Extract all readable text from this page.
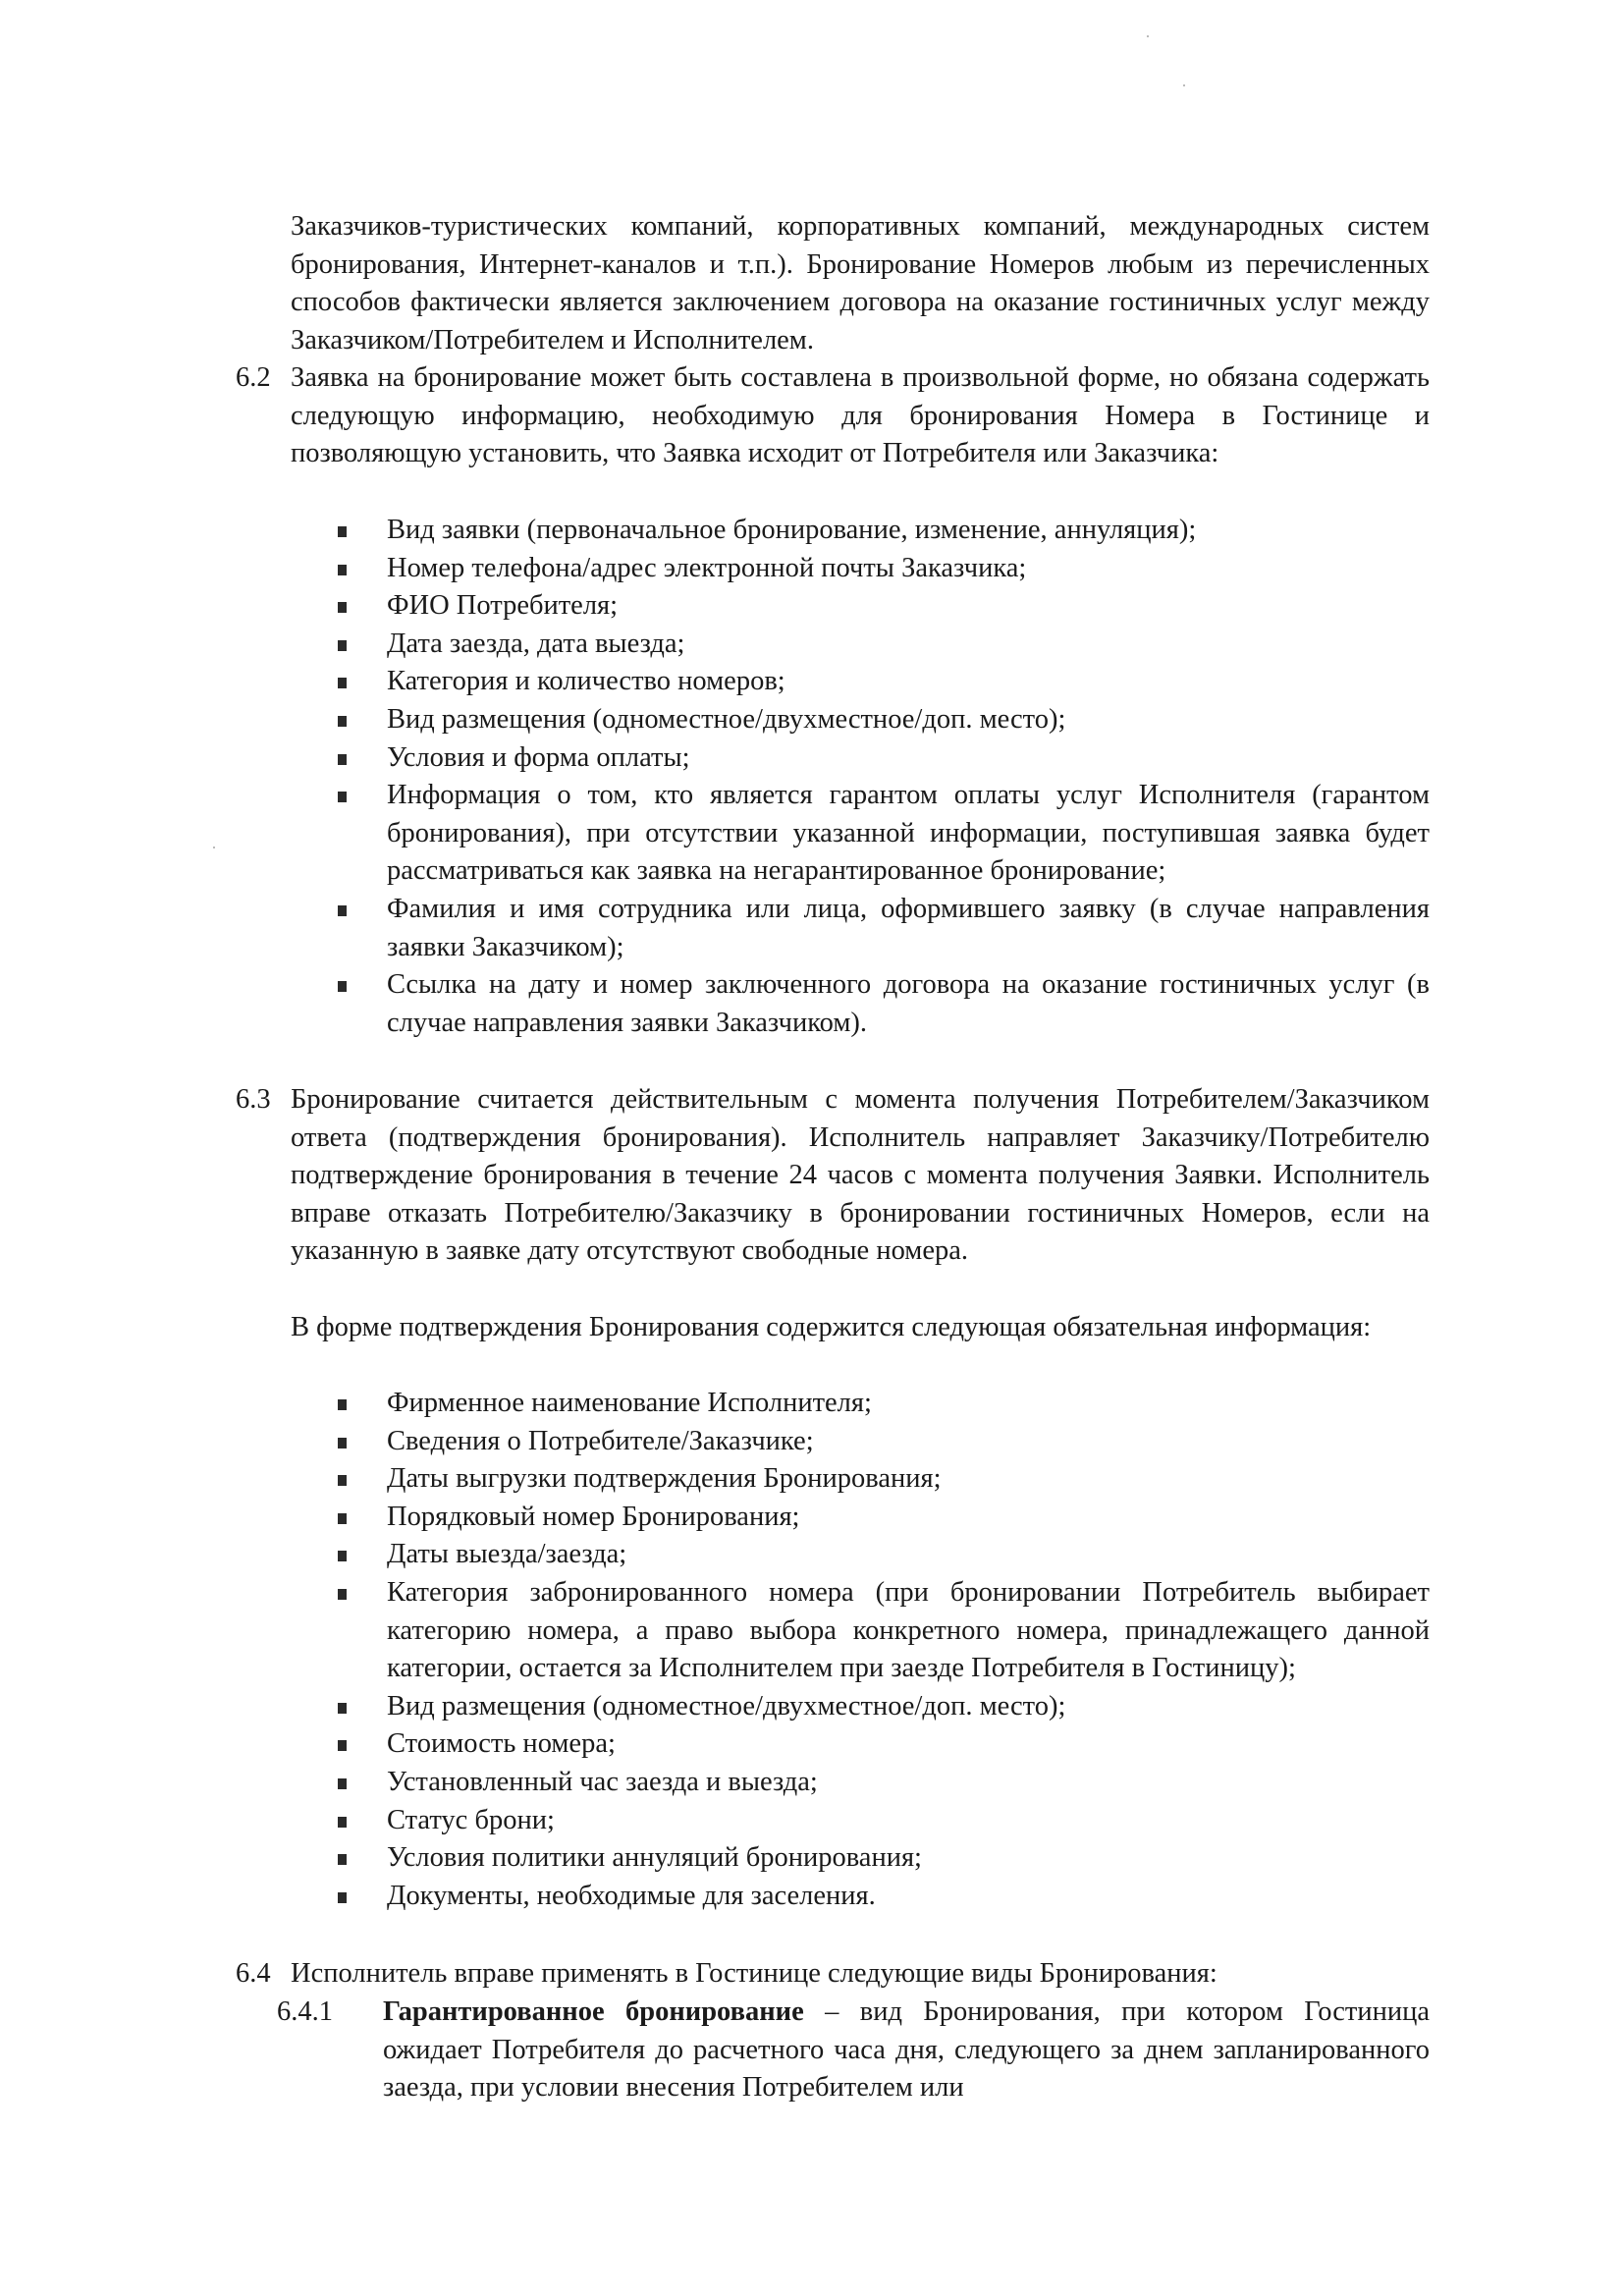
Заказчиков-туристических компаний, корпоративных компаний, международных систем бронирования, Интернет-каналов и т.п.). Бронирование Номеров любым из перечисленных способов фактически является заключением договора на оказание гостиничных услуг между Заказчиком/Потребителем и Исполнителем.
6.2 Заявка на бронирование может быть составлена в произвольной форме, но обязана содержать следующую информацию, необходимую для бронирования Номера в Гостинице и позволяющую установить, что Заявка исходит от Потребителя или Заказчика:
Вид заявки (первоначальное бронирование, изменение, аннуляция);
Номер телефона/адрес электронной почты Заказчика;
ФИО Потребителя;
Дата заезда, дата выезда;
Категория и количество номеров;
Вид размещения (одноместное/двухместное/доп. место);
Условия и форма оплаты;
Информация о том, кто является гарантом оплаты услуг Исполнителя (гарантом бронирования), при отсутствии указанной информации, поступившая заявка будет рассматриваться как заявка на негарантированное бронирование;
Фамилия и имя сотрудника или лица, оформившего заявку (в случае направления заявки Заказчиком);
Ссылка на дату и номер заключенного договора на оказание гостиничных услуг (в случае направления заявки Заказчиком).
6.3 Бронирование считается действительным с момента получения Потребителем/Заказчиком ответа (подтверждения бронирования). Исполнитель направляет Заказчику/Потребителю подтверждение бронирования в течение 24 часов с момента получения Заявки. Исполнитель вправе отказать Потребителю/Заказчику в бронировании гостиничных Номеров, если на указанную в заявке дату отсутствуют свободные номера.
В форме подтверждения Бронирования содержится следующая обязательная информация:
Фирменное наименование Исполнителя;
Сведения о Потребителе/Заказчике;
Даты выгрузки подтверждения Бронирования;
Порядковый номер Бронирования;
Даты выезда/заезда;
Категория забронированного номера (при бронировании Потребитель выбирает категорию номера, а право выбора конкретного номера, принадлежащего данной категории, остается за Исполнителем при заезде Потребителя в Гостиницу);
Вид размещения (одноместное/двухместное/доп. место);
Стоимость номера;
Установленный час заезда и выезда;
Статус брони;
Условия политики аннуляций бронирования;
Документы, необходимые для заселения.
6.4 Исполнитель вправе применять в Гостинице следующие виды Бронирования:
6.4.1 Гарантированное бронирование – вид Бронирования, при котором Гостиница ожидает Потребителя до расчетного часа дня, следующего за днем запланированного заезда, при условии внесения Потребителем или
